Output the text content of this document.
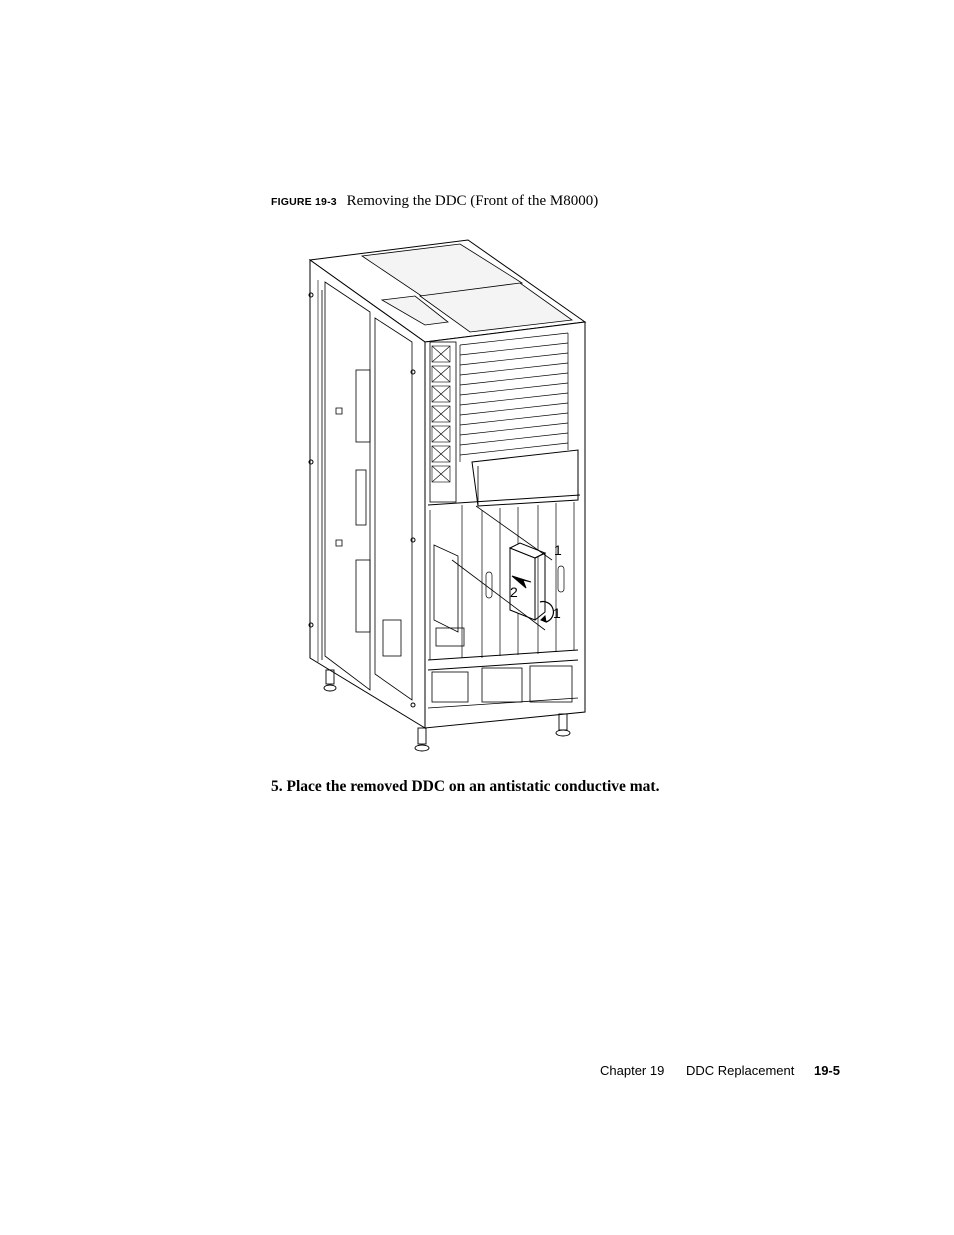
FIGURE 19-3 Removing the DDC (Front of the M8000)
1
2
1
5. Place the removed DDC on an antistatic conductive mat.
Chapter 19 DDC Replacement 19-5
